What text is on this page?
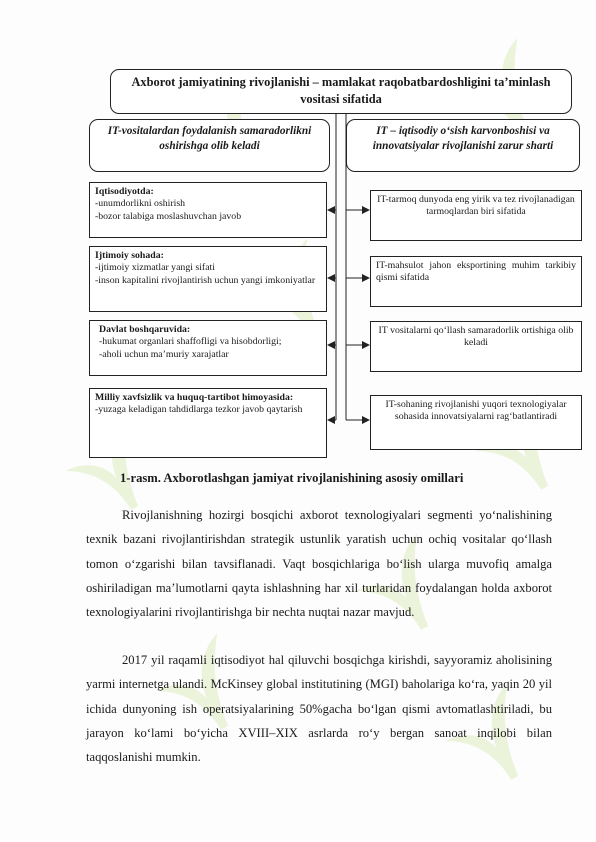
Axborot jamiyatining rivojlanishi – mamlakat raqobatbardoshligini ta’minlash vositasi sifatida
IT-vositalardan foydalanish samaradorlikni oshirishga olib keladi
IT – iqtisodiy o‘sish karvonboshisi va innovatsiyalar rivojlanishi zarur sharti
Iqtisodiyotda:
-unumdorlikni oshirish
-bozor talabiga moslashuvchan javob
Ijtimoiy sohada:
-ijtimoiy xizmatlar yangi sifati
-inson kapitalini rivojlantirish uchun yangi imkoniyatlar
Davlat boshqaruvida:
-hukumat organlari shaffofligi va hisobdorligi;
-aholi uchun ma’muriy xarajatlar
Milliy xavfsizlik va huquq-tartibot himoyasida:
-yuzaga keladigan tahdidlarga tezkor javob qaytarish
IT-tarmoq dunyoda eng yirik va tez rivojlanadigan tarmoqlardan biri sifatida
IT-mahsulot jahon eksportining muhim tarkibiy qismi sifatida
IT vositalarni qo‘llash samaradorlik ortishiga olib keladi
IT-sohaning rivojlanishi yuqori texnologiyalar sohasida innovatsiyalarni rag‘batlantiradi
1-rasm. Axborotlashgan jamiyat rivojlanishining asosiy omillari

Rivojlanishning hozirgi bosqichi axborot texnologiyalari segmenti yo‘nalishining texnik bazani rivojlantirishdan strategik ustunlik yaratish uchun ochiq vositalar qo‘llash tomon o‘zgarishi bilan tavsiflanadi. Vaqt bosqichlariga bo‘lish ularga muvofiq amalga oshiriladigan ma’lumotlarni qayta ishlashning har xil turlaridan foydalangan holda axborot texnologiyalarini rivojlantirishga bir nechta nuqtai nazar mavjud.

2017 yil raqamli iqtisodiyot hal qiluvchi bosqichga kirishdi, sayyoramiz aholisining yarmi internetga ulandi. McKinsey global institutining (MGI) baholariga ko‘ra, yaqin 20 yil ichida dunyoning ish operatsiyalarining 50%gacha bo‘lgan qismi avtomatlashtiriladi, bu jarayon ko‘lami bo‘yicha XVIII–XIX asrlarda ro‘y bergan sanoat inqilobi bilan taqqoslanishi mumkin.
